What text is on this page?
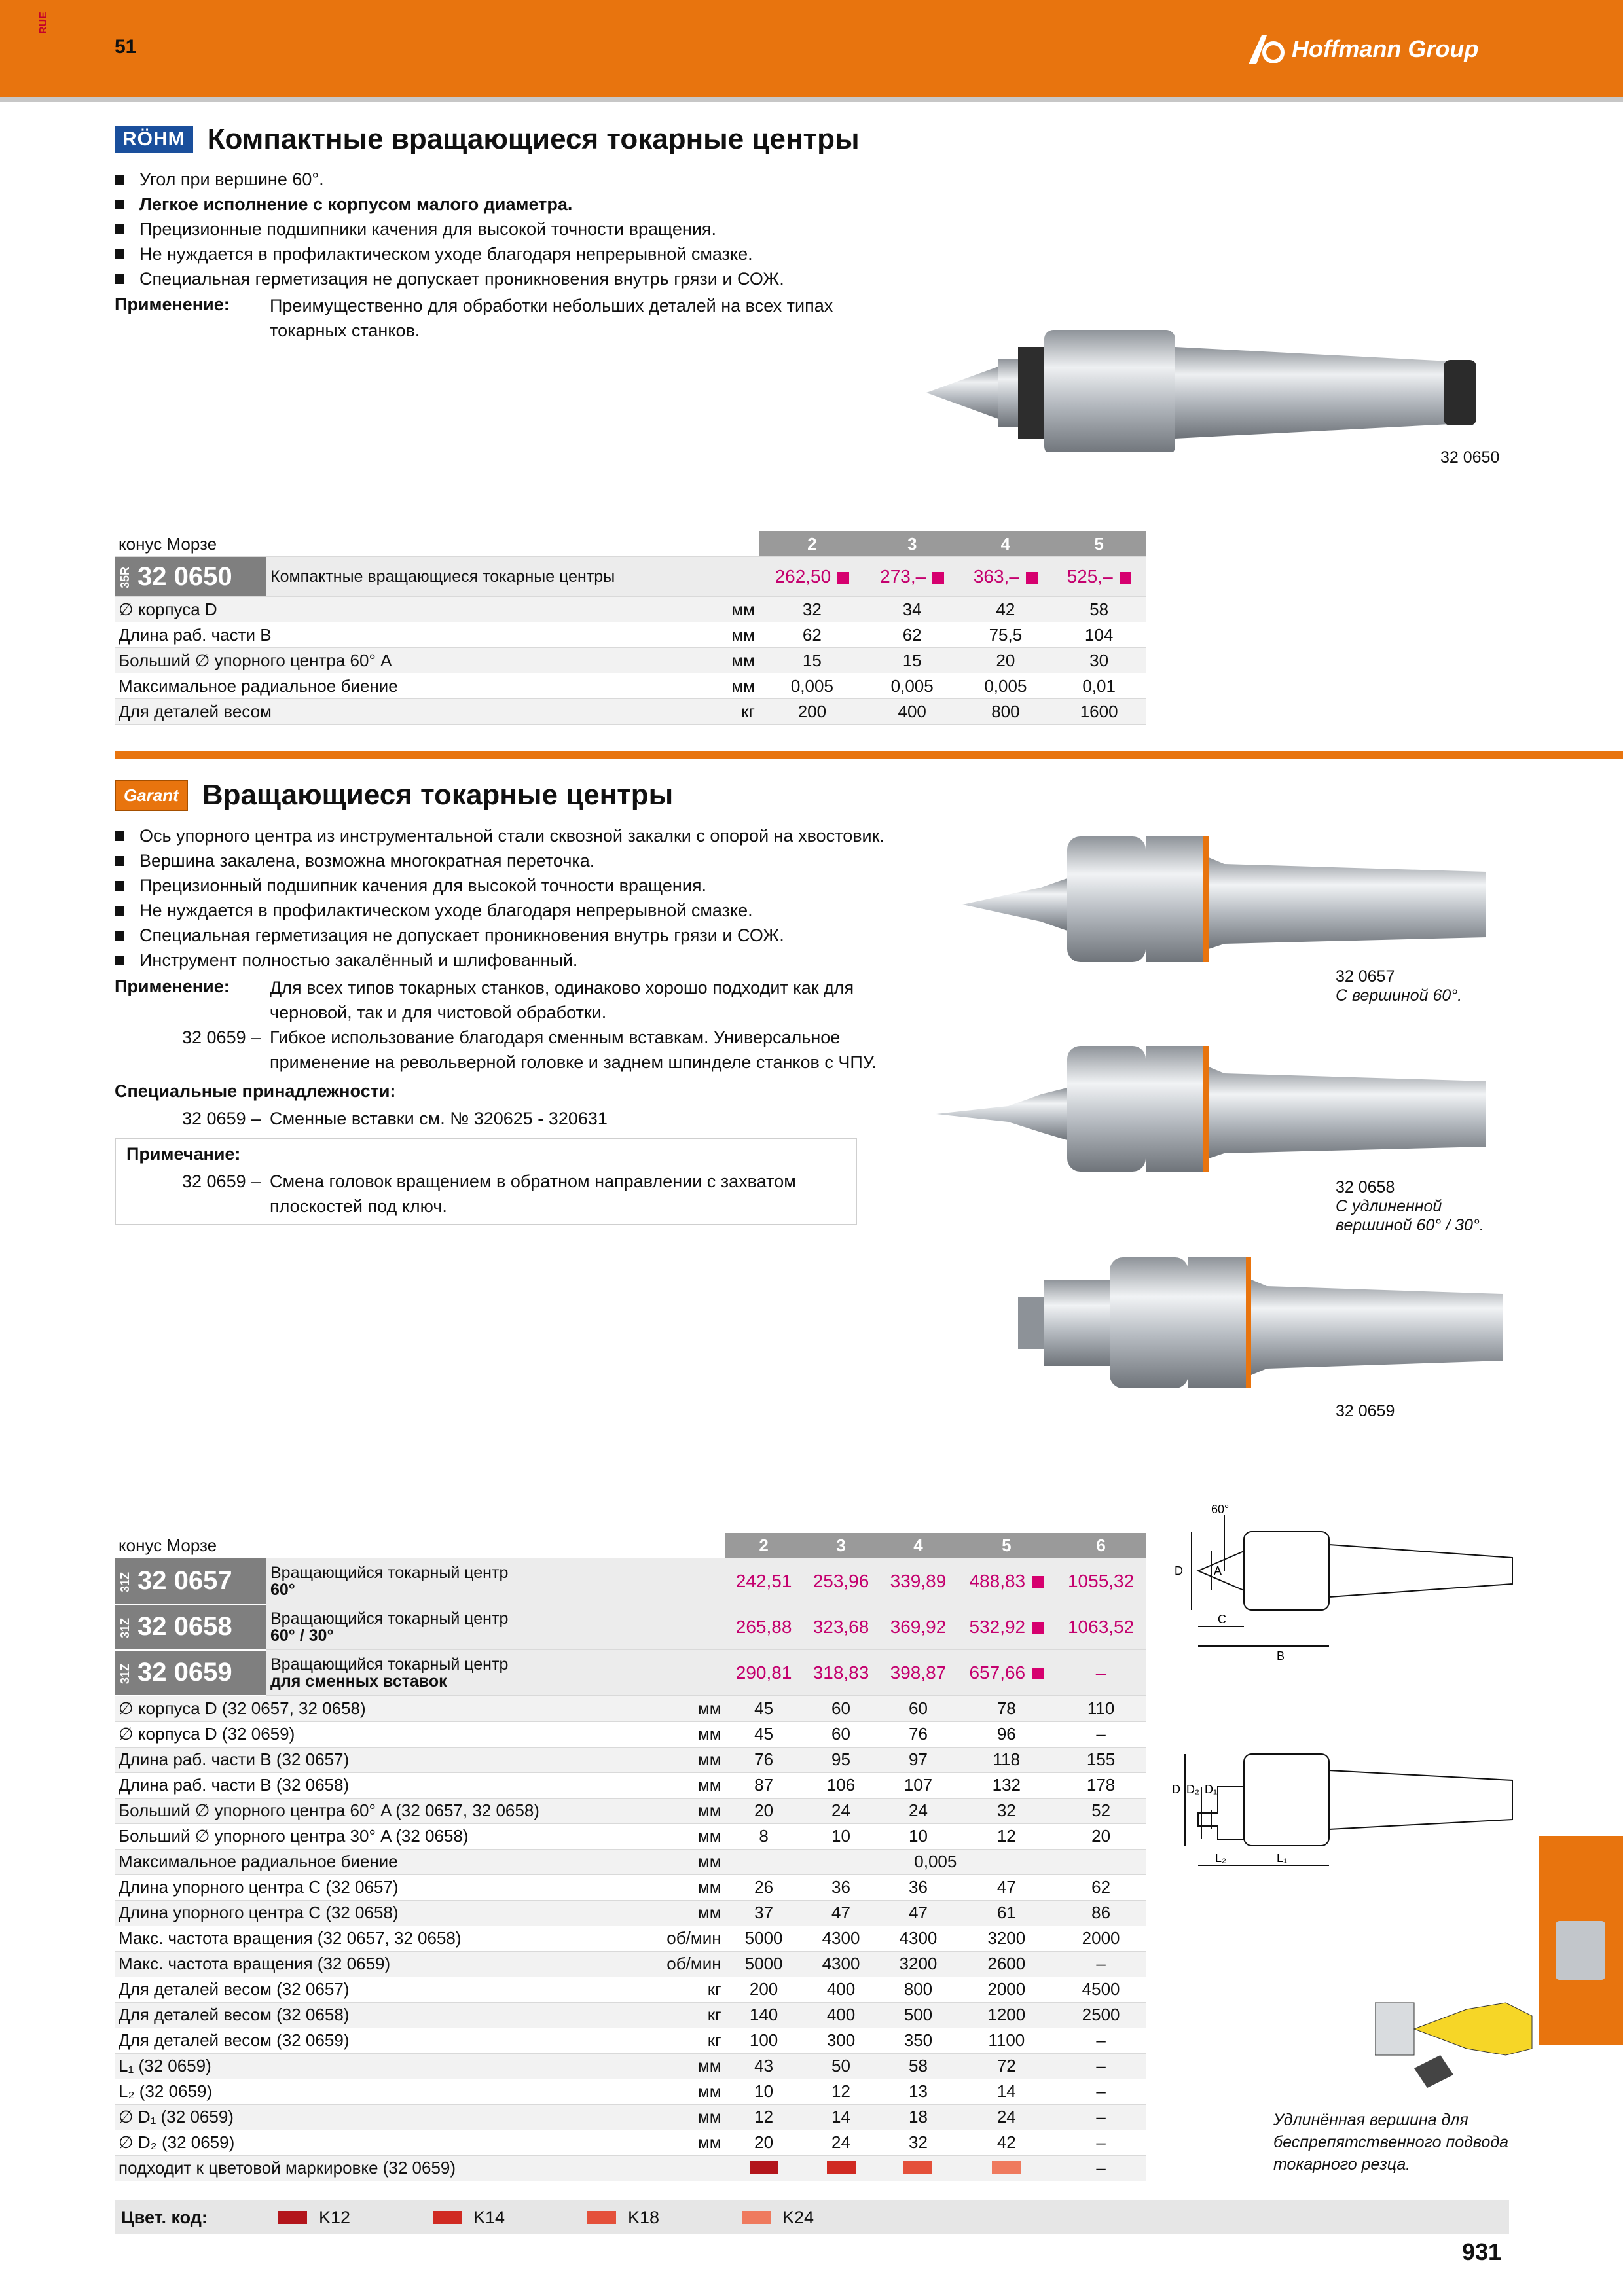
RUE
51	Hoffmann Group
RÖHM Компактные вращающиеся токарные центры
Угол при вершине 60°.
Легкое исполнение с корпусом малого диаметра.
Прецизионные подшипники качения для высокой точности вращения.
Не нуждается в профилактическом уходе благодаря непрерывной смазке.
Специальная герметизация не допускает проникновения внутрь грязи и СОЖ.
Применение: Преимущественно для обработки небольших деталей на всех типах токарных станков.
32 0650
конус Морзе			2	3	4	5
35R 32 0650	Компактные вращающиеся токарные центры		262,50	273,–	363,–	525,–
∅ корпуса D		мм	32	34	42	58
Длина раб. части B		мм	62	62	75,5	104
Больший ∅ упорного центра 60° A		мм	15	15	20	30
Максимальное радиальное биение		мм	0,005	0,005	0,005	0,01
Для деталей весом		кг	200	400	800	1600
Garant Вращающиеся токарные центры
Ось упорного центра из инструментальной стали сквозной закалки с опорой на хвостовик.
Вершина закалена, возможна многократная переточка.
Прецизионный подшипник качения для высокой точности вращения.
Не нуждается в профилактическом уходе благодаря непрерывной смазке.
Специальная герметизация не допускает проникновения внутрь грязи и СОЖ.
Инструмент полностью закалённый и шлифованный.
Применение: Для всех типов токарных станков, одинаково хорошо подходит как для черновой, так и для чистовой обработки.
32 0659 – Гибкое использование благодаря сменным вставкам. Универсальное применение на револьверной головке и заднем шпинделе станков с ЧПУ.
Специальные принадлежности:
32 0659 – Сменные вставки см. № 320625 - 320631
Примечание:
32 0659 – Смена головок вращением в обратном направлении с захватом плоскостей под ключ.
32 0657
С вершиной 60°.
32 0658
С удлиненной вершиной 60° / 30°.
32 0659
конус Морзе			2	3	4	5	6
31Z 32 0657	Вращающийся токарный центр
60°		242,51	253,96	339,89	488,83	1055,32
31Z 32 0658	Вращающийся токарный центр
60° / 30°		265,88	323,68	369,92	532,92	1063,52
31Z 32 0659	Вращающийся токарный центр
для сменных вставок		290,81	318,83	398,87	657,66	–
∅ корпуса D (32 0657, 32 0658)		мм	45	60	60	78	110
∅ корпуса D (32 0659)		мм	45	60	76	96	–
Длина раб. части B (32 0657)		мм	76	95	97	118	155
Длина раб. части B (32 0658)		мм	87	106	107	132	178
Больший ∅ упорного центра 60° A (32 0657, 32 0658)		мм	20	24	24	32	52
Больший ∅ упорного центра 30° A (32 0658)		мм	8	10	10	12	20
Максимальное радиальное биение		мм	0,005				
Длина упорного центра C (32 0657)		мм	26	36	36	47	62
Длина упорного центра C (32 0658)		мм	37	47	47	61	86
Макс. частота вращения (32 0657, 32 0658)		об/мин	5000	4300	4300	3200	2000
Макс. частота вращения (32 0659)		об/мин	5000	4300	3200	2600	–
Для деталей весом (32 0657)		кг	200	400	800	2000	4500
Для деталей весом (32 0658)		кг	140	400	500	1200	2500
Для деталей весом (32 0659)		кг	100	300	350	1100	–
L₁ (32 0659)		мм	43	50	58	72	–
L₂ (32 0659)		мм	10	12	13	14	–
∅ D₁ (32 0659)		мм	12	14	18	24	–
∅ D₂ (32 0659)		мм	20	24	32	42	–
подходит к цветовой маркировке (32 0659)							–
60°
D	A
C
B
D D₂ D₁
L₁
L₂
Удлинённая вершина для беспрепятственного подвода токарного резца.
Цвет. код:	K12	K14	K18	K24
931
